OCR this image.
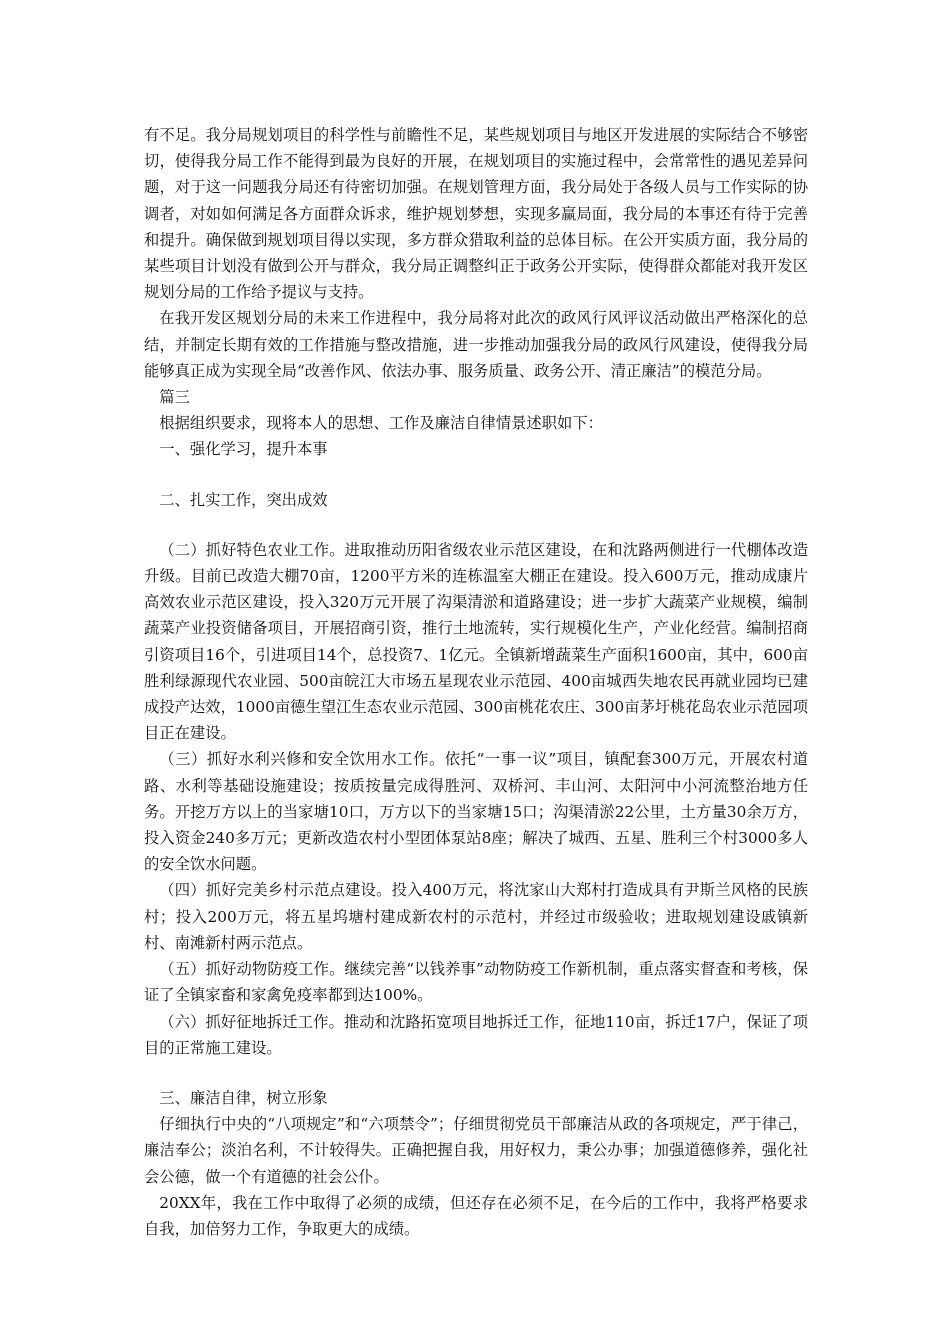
有不足。我分局规划项目的科学性与前瞻性不足，某些规划项目与地区开发进展的实际结合不够密切，使得我分局工作不能得到最为良好的开展，在规划项目的实施过程中，会常常性的遇见差异问题，对于这一问题我分局还有待密切加强。在规划管理方面，我分局处于各级人员与工作实际的协调者，对如如何满足各方面群众诉求，维护规划梦想，实现多赢局面，我分局的本事还有待于完善和提升。确保做到规划项目得以实现，多方群众猎取利益的总体目标。在公开实质方面，我分局的某些项目计划没有做到公开与群众，我分局正调整纠正于政务公开实际，使得群众都能对我开发区规划分局的工作给予提议与支持。

在我开发区规划分局的未来工作进程中，我分局将对此次的政风行风评议活动做出严格深化的总结，并制定长期有效的工作措施与整改措施，进一步推动加强我分局的政风行风建设，使得我分局能够真正成为实现全局“改善作风、依法办事、服务质量、政务公开、清正廉洁”的模范分局。

篇三

根据组织要求，现将本人的思想、工作及廉洁自律情景述职如下：

一、强化学习，提升本事

二、扎实工作，突出成效

（二）抓好特色农业工作。进取推动历阳省级农业示范区建设，在和沈路两侧进行一代棚体改造升级。目前已改造大棚70亩，1200平方米的连栋温室大棚正在建设。投入600万元，推动成康片高效农业示范区建设，投入320万元开展了沟渠清淤和道路建设；进一步扩大蔬菜产业规模，编制蔬菜产业投资储备项目，开展招商引资，推行土地流转，实行规模化生产，产业化经营。编制招商引资项目16个，引进项目14个，总投资7、1亿元。全镇新增蔬菜生产面积1600亩，其中，600亩胜利绿源现代农业园、500亩皖江大市场五星现农业示范园、400亩城西失地农民再就业园均已建成投产达效，1000亩德生望江生态农业示范园、300亩桃花农庄、300亩茅圩桃花岛农业示范园项目正在建设。

（三）抓好水利兴修和安全饮用水工作。依托“一事一议”项目，镇配套300万元，开展农村道路、水利等基础设施建设；按质按量完成得胜河、双桥河、丰山河、太阳河中小河流整治地方任务。开挖万方以上的当家塘10口，万方以下的当家塘15口；沟渠清淤22公里，土方量30余万方，投入资金240多万元；更新改造农村小型团体泵站8座；解决了城西、五星、胜利三个村3000多人的安全饮水问题。

（四）抓好完美乡村示范点建设。投入400万元，将沈家山大郑村打造成具有尹斯兰风格的民族村；投入200万元，将五星坞塘村建成新农村的示范村，并经过市级验收；进取规划建设戚镇新村、南滩新村两示范点。

（五）抓好动物防疫工作。继续完善“以钱养事”动物防疫工作新机制，重点落实督查和考核，保证了全镇家畜和家禽免疫率都到达100%。

（六）抓好征地拆迁工作。推动和沈路拓宽项目地拆迁工作，征地110亩，拆迁17户，保证了项目的正常施工建设。

三、廉洁自律，树立形象

仔细执行中央的“八项规定”和“六项禁令”；仔细贯彻党员干部廉洁从政的各项规定，严于律己，廉洁奉公；淡泊名利，不计较得失。正确把握自我，用好权力，秉公办事；加强道德修养，强化社会公德，做一个有道德的社会公仆。

20XX年，我在工作中取得了必须的成绩，但还存在必须不足，在今后的工作中，我将严格要求自我，加倍努力工作，争取更大的成绩。
